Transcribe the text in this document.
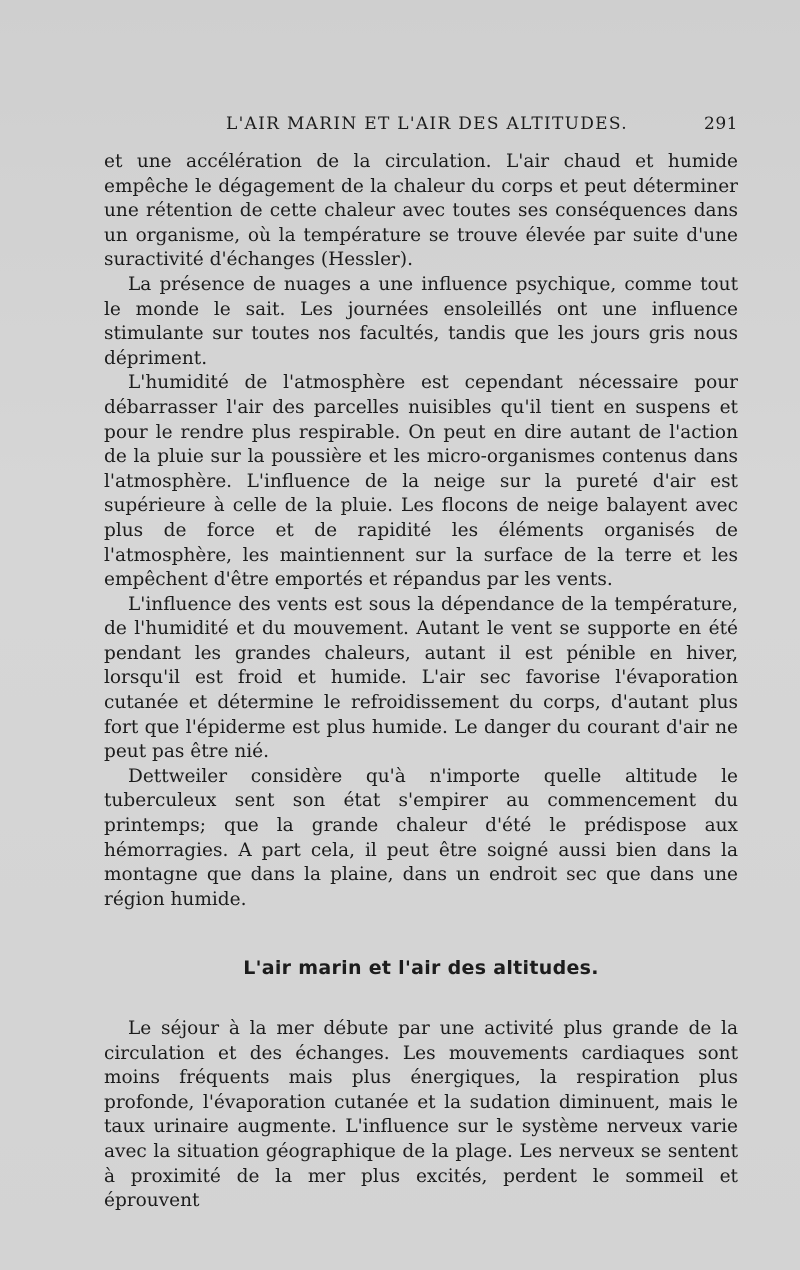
L'AIR MARIN ET L'AIR DES ALTITUDES.	291

et une accélération de la circulation. L'air chaud et humide empêche le dégagement de la chaleur du corps et peut déterminer une rétention de cette chaleur avec toutes ses conséquences dans un organisme, où la température se trouve élevée par suite d'une suractivité d'échanges (Hessler).

La présence de nuages a une influence psychique, comme tout le monde le sait. Les journées ensoleillés ont une influence stimulante sur toutes nos facultés, tandis que les jours gris nous dépriment.

L'humidité de l'atmosphère est cependant nécessaire pour débarrasser l'air des parcelles nuisibles qu'il tient en suspens et pour le rendre plus respirable. On peut en dire autant de l'action de la pluie sur la poussière et les micro-organismes contenus dans l'atmosphère. L'influence de la neige sur la pureté d'air est supérieure à celle de la pluie. Les flocons de neige balayent avec plus de force et de rapidité les éléments organisés de l'atmosphère, les maintiennent sur la surface de la terre et les empêchent d'être emportés et répandus par les vents.

L'influence des vents est sous la dépendance de la température, de l'humidité et du mouvement. Autant le vent se supporte en été pendant les grandes chaleurs, autant il est pénible en hiver, lorsqu'il est froid et humide. L'air sec favorise l'évaporation cutanée et détermine le refroidissement du corps, d'autant plus fort que l'épiderme est plus humide. Le danger du courant d'air ne peut pas être nié.

Dettweiler considère qu'à n'importe quelle altitude le tuberculeux sent son état s'empirer au commencement du printemps; que la grande chaleur d'été le prédispose aux hémorragies. A part cela, il peut être soigné aussi bien dans la montagne que dans la plaine, dans un endroit sec que dans une région humide.

L'air marin et l'air des altitudes.

Le séjour à la mer débute par une activité plus grande de la circulation et des échanges. Les mouvements cardiaques sont moins fréquents mais plus énergiques, la respiration plus profonde, l'évaporation cutanée et la sudation diminuent, mais le taux urinaire augmente. L'influence sur le système nerveux varie avec la situation géographique de la plage. Les nerveux se sentent à proximité de la mer plus excités, perdent le sommeil et éprouvent
